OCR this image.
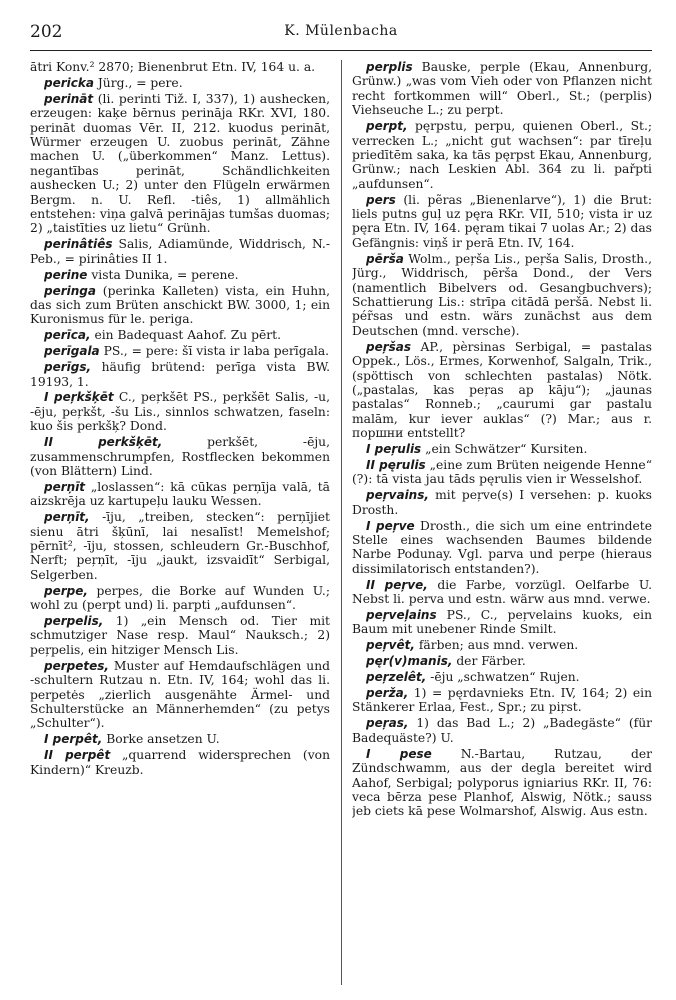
202	K. Mülenbacha

ātri Konv.² 2870; Bienenbrut Etn. IV, 164 u. a.

pericka Jürg., = pere.

perināt (li. perinti Tiž. I, 337), 1) aushecken, erzeugen: kaķe bērnus perināja RKr. XVI, 180. perināt duomas Vēr. II, 212. kuodus perināt, Würmer erzeugen U. zuobus perināt, Zähne machen U. („überkommen“ Manz. Lettus). negantības perināt, Schändlichkeiten aushecken U.; 2) unter den Flügeln erwärmen Bergm. n. U. Refl. -tiês, 1) allmählich entstehen: viņa galvā perinājas tumšas duomas; 2) „taistīties uz lietu“ Grünh.

perinâtiês Salis, Adiamünde, Widdrisch, N.-Peb., = pirinâties II 1.

perine vista Dunika, = perene.

peringa (perinka Kalleten) vista, ein Huhn, das sich zum Brüten anschickt BW. 3000, 1; ein Kuronismus für le. periga.

perīca, ein Badequast Aahof. Zu pērt.

perīgala PS., = pere: šī vista ir laba perīgala.

perīgs, häufig brütend: perīga vista BW. 19193, 1.

I peŗkšķēt C., peŗkšēt PS., peŗkšēt Salis, -u, -ēju, peŗkšt, -šu Lis., sinnlos schwatzen, faseln: kuo šis perkšķ? Dond.

II perkšķēt, perkšēt, -ēju, zusammenschrumpfen, Rostflecken bekommen (von Blättern) Lind.

perņīt „loslassen“: kā cūkas perņīja valā, tā aizskrēja uz kartupeļu lauku Wessen.

perņīt, -īju, „treiben, stecken“: perņījiet sienu ātri šķūnī, lai nesalīst! Memelshof; pērnīt², -īju, stossen, schleudern Gr.-Buschhof, Nerft; peŗņīt, -īju „jaukt, izsvaidīt“ Serbigal, Selgerben.

perpe, perpes, die Borke auf Wunden U.; wohl zu (perpt und) li. parpti „aufdunsen“.

perpelis, 1) „ein Mensch od. Tier mit schmutziger Nase resp. Maul“ Nauksch.; 2) peŗpelis, ein hitziger Mensch Lis.

perpetes, Muster auf Hemdaufschlägen und -schultern Rutzau n. Etn. IV, 164; wohl das li. perpetės „zierlich ausgenähte Ärmel- und Schulterstücke an Männerhemden“ (zu petys „Schulter“).

I perpêt, Borke ansetzen U.

II perpêt „quarrend widersprechen (von Kindern)“ Kreuzb.

perplis Bauske, perple (Ekau, Annenburg, Grünw.) „was vom Vieh oder von Pflanzen nicht recht fortkommen will“ Oberl., St.; (perplis) Viehseuche L.; zu perpt.

perpt, pęrpstu, perpu, quienen Oberl., St.; verrecken L.; „nicht gut wachsen“: par tīreļu priedītēm saka, ka tās pęrpst Ekau, Annenburg, Grünw.; nach Leskien Abl. 364 zu li. pařpti „aufdunsen“.

pers (li. pẽras „Bienenlarve“), 1) die Brut: liels putns guļ uz pęra RKr. VII, 510; vista ir uz pęra Etn. IV, 164. pęram tikai 7 uolas Ar.; 2) das Gefängnis: viņš ir perā Etn. IV, 164.

pērša Wolm., peŗša Lis., peŗša Salis, Drosth., Jürg., Widdrisch, pērša Dond., der Vers (namentlich Bibelvers od. Gesangbuchvers); Schattierung Lis.: strīpa citādā peršā. Nebst li. pér̃sas und estn. wärs zunächst aus dem Deutschen (mnd. versche).

peŗšas AP., pèrsinas Serbigal, = pastalas Oppek., Lös., Ermes, Korwenhof, Salgaln, Trik., (spöttisch von schlechten pastalas) Nötk. („pastalas, kas peŗas ap kāju“); „jaunas pastalas“ Ronneb.; „caurumi gar pastalu malām, kur iever auklas“ (?) Mar.; aus r. поршни entstellt?

I peŗulis „ein Schwätzer“ Kursiten.

II pęrulis „eine zum Brüten neigende Henne“ (?): tā vista jau tāds pęrulis vien ir Wesselshof.

peŗvains, mit peŗve(s) I versehen: p. kuoks Drosth.

I peŗve Drosth., die sich um eine entrindete Stelle eines wachsenden Baumes bildende Narbe Podunay. Vgl. parva und perpe (hieraus dissimilatorisch entstanden?).

II peŗve, die Farbe, vorzügl. Oelfarbe U. Nebst li. perva und estn. wärw aus mnd. verwe.

peŗveļains PS., C., peŗvelains kuoks, ein Baum mit unebener Rinde Smilt.

peŗvêt, färben; aus mnd. verwen.

pęr(v)manis, der Färber.

peŗzelêt, -ēju „schwatzen“ Rujen.

perža, 1) = pęrdavnieks Etn. IV, 164; 2) ein Stänkerer Erlaa, Fest., Spr.; zu piŗst.

peŗas, 1) das Bad L.; 2) „Badegäste“ (für Badequäste?) U.

I pese N.-Bartau, Rutzau, der Zündschwamm, aus der degla bereitet wird Aahof, Serbigal; polyporus igniarius RKr. II, 76: veca bērza pese Planhof, Alswig, Nötk.; sauss jeb ciets kā pese Wolmarshof, Alswig. Aus estn.
